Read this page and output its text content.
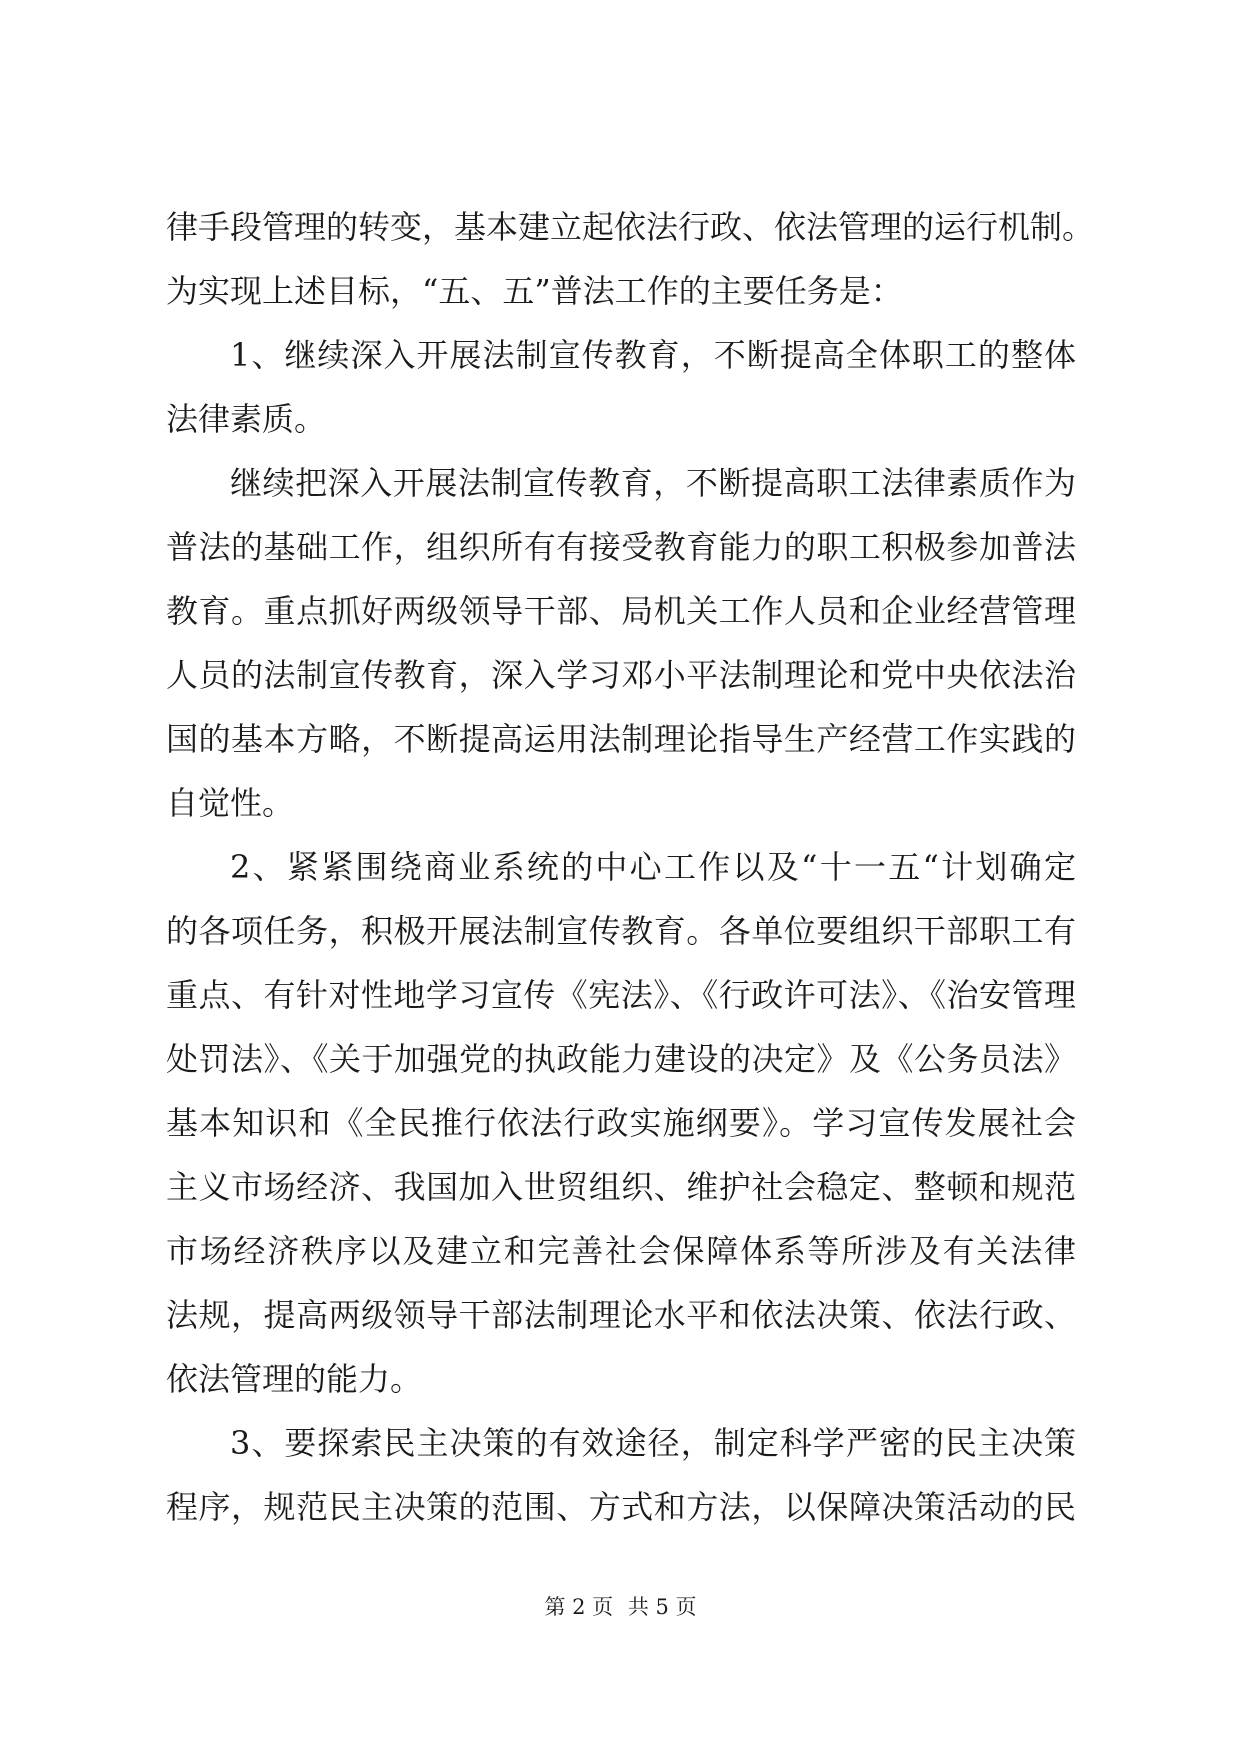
律手段管理的转变，基本建立起依法行政、依法管理的运行机制。
为实现上述目标，“五、五”普法工作的主要任务是：
1、继续深入开展法制宣传教育，不断提高全体职工的整体
法律素质。
继续把深入开展法制宣传教育，不断提高职工法律素质作为
普法的基础工作，组织所有有接受教育能力的职工积极参加普法
教育。重点抓好两级领导干部、局机关工作人员和企业经营管理
人员的法制宣传教育，深入学习邓小平法制理论和党中央依法治
国的基本方略，不断提高运用法制理论指导生产经营工作实践的
自觉性。
2、紧紧围绕商业系统的中心工作以及“十一五“计划确定
的各项任务，积极开展法制宣传教育。各单位要组织干部职工有
重点、有针对性地学习宣传《宪法》、《行政许可法》、《治安管理
处罚法》、《关于加强党的执政能力建设的决定》及《公务员法》
基本知识和《全民推行依法行政实施纲要》。学习宣传发展社会
主义市场经济、我国加入世贸组织、维护社会稳定、整顿和规范
市场经济秩序以及建立和完善社会保障体系等所涉及有关法律
法规，提高两级领导干部法制理论水平和依法决策、依法行政、
依法管理的能力。
3、要探索民主决策的有效途径，制定科学严密的民主决策
程序，规范民主决策的范围、方式和方法，以保障决策活动的民
第 2 页 共 5 页
